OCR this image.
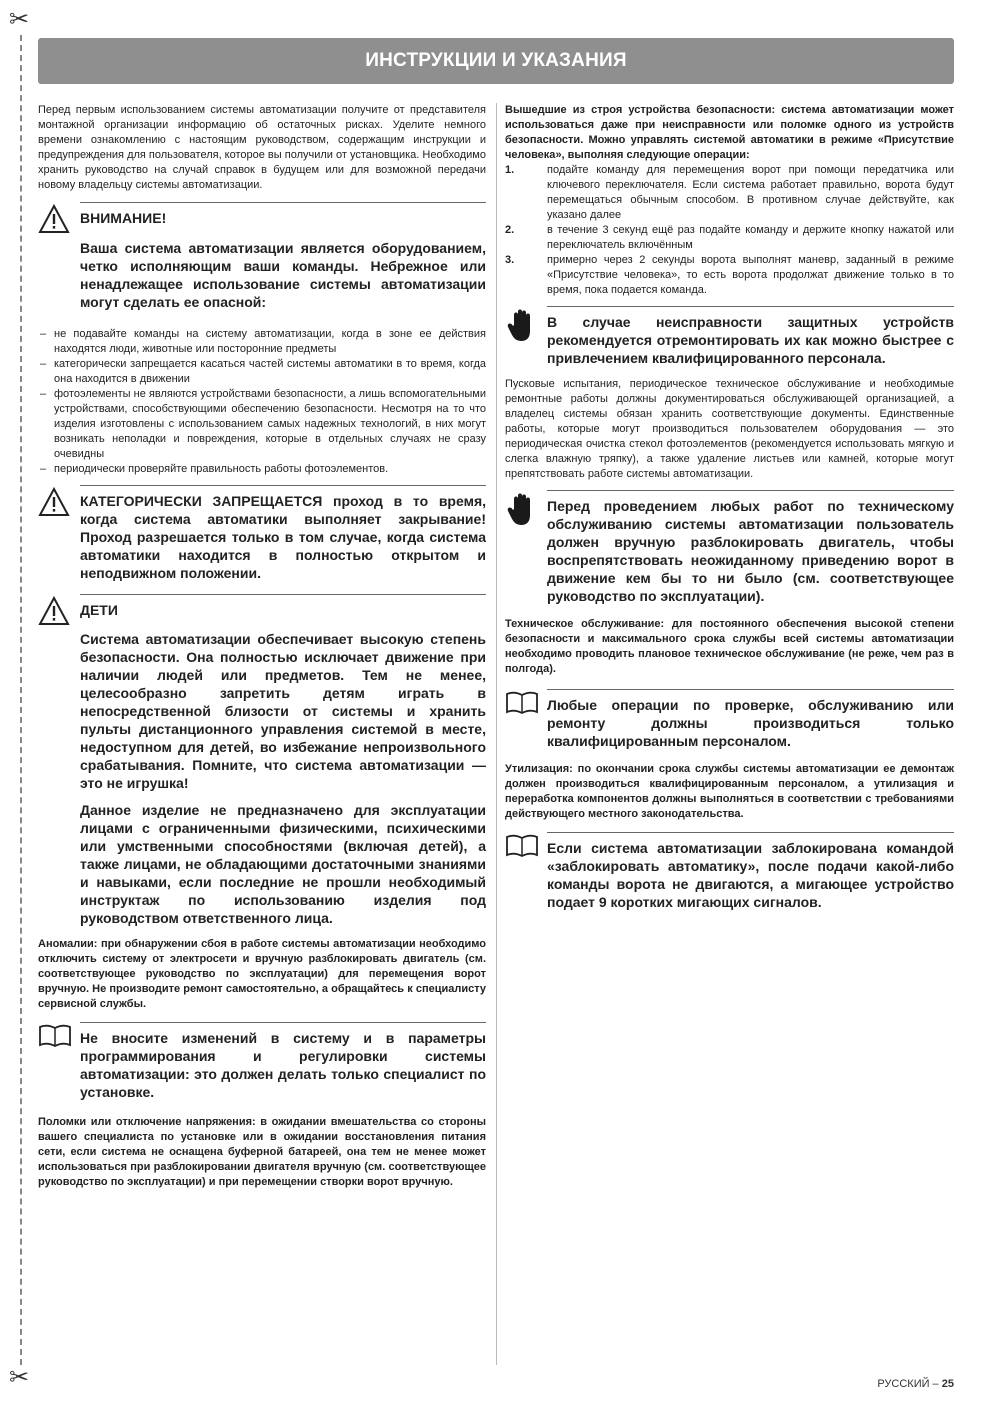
✂
✂
ИНСТРУКЦИИ И УКАЗАНИЯ

Перед первым использованием системы автоматизации получите от представителя монтажной организации информацию об остаточных рисках. Уделите немного времени ознакомлению с настоящим руководством, содержащим инструкции и предупреждения для пользователя, которое вы получили от установщика. Необходимо хранить руководство на случай справок в будущем или для возможной передачи новому владельцу системы автоматизации.

ВНИМАНИЕ!

Ваша система автоматизации является оборудованием, четко исполняющим ваши команды. Небрежное или ненадлежащее использование системы автоматизации могут сделать ее опасной:

– не подавайте команды на систему автоматизации, когда в зоне ее действия находятся люди, животные или посторонние предметы
– категорически запрещается касаться частей системы автоматики в то время, когда она находится в движении
– фотоэлементы не являются устройствами безопасности, а лишь вспомогательными устройствами, способствующими обеспечению безопасности. Несмотря на то что изделия изготовлены с использованием самых надежных технологий, в них могут возникать неполадки и повреждения, которые в отдельных случаях не сразу очевидны
– периодически проверяйте правильность работы фотоэлементов.

КАТЕГОРИЧЕСКИ ЗАПРЕЩАЕТСЯ проход в то время, когда система автоматики выполняет закрывание! Проход разрешается только в том случае, когда система автоматики находится в полностью открытом и неподвижном положении.

ДЕТИ

Система автоматизации обеспечивает высокую степень безопасности. Она полностью исключает движение при наличии людей или предметов. Тем не менее, целесообразно запретить детям играть в непосредственной близости от системы и хранить пульты дистанционного управления системой в месте, недоступном для детей, во избежание непроизвольного срабатывания. Помните, что система автоматизации — это не игрушка!

Данное изделие не предназначено для эксплуатации лицами с ограниченными физическими, психическими или умственными способностями (включая детей), а также лицами, не обладающими достаточными знаниями и навыками, если последние не прошли необходимый инструктаж по использованию изделия под руководством ответственного лица.

Аномалии: при обнаружении сбоя в работе системы автоматизации необходимо отключить систему от электросети и вручную разблокировать двигатель (см. соответствующее руководство по эксплуатации) для перемещения ворот вручную. Не производите ремонт самостоятельно, а обращайтесь к специалисту сервисной службы.

Не вносите изменений в систему и в параметры программирования и регулировки системы автоматизации: это должен делать только специалист по установке.

Поломки или отключение напряжения: в ожидании вмешательства со стороны вашего специалиста по установке или в ожидании восстановления питания сети, если система не оснащена буферной батареей, она тем не менее может использоваться при разблокировании двигателя вручную (см. соответствующее руководство по эксплуатации) и при перемещении створки ворот вручную.

Вышедшие из строя устройства безопасности: система автоматизации может использоваться даже при неисправности или поломке одного из устройств безопасности. Можно управлять системой автоматики в режиме «Присутствие человека», выполняя следующие операции:

1.	подайте команду для перемещения ворот при помощи передатчика или ключевого переключателя. Если система работает правильно, ворота будут перемещаться обычным способом. В противном случае действуйте, как указано далее
2.	в течение 3 секунд ещё раз подайте команду и держите кнопку нажатой или переключатель включённым
3.	примерно через 2 секунды ворота выполнят маневр, заданный в режиме «Присутствие человека», то есть ворота продолжат движение только в то время, пока подается команда.

В случае неисправности защитных устройств рекомендуется отремонтировать их как можно быстрее с привлечением квалифицированного персонала.

Пусковые испытания, периодическое техническое обслуживание и необходимые ремонтные работы должны документироваться обслуживающей организацией, а владелец системы обязан хранить соответствующие документы. Единственные работы, которые могут производиться пользователем оборудования — это периодическая очистка стекол фотоэлементов (рекомендуется использовать мягкую и слегка влажную тряпку), а также удаление листьев или камней, которые могут препятствовать работе системы автоматизации.

Перед проведением любых работ по техническому обслуживанию системы автоматизации пользователь должен вручную разблокировать двигатель, чтобы воспрепятствовать неожиданному приведению ворот в движение кем бы то ни было (см. соответствующее руководство по эксплуатации).

Техническое обслуживание: для постоянного обеспечения высокой степени безопасности и максимального срока службы всей системы автоматизации необходимо проводить плановое техническое обслуживание (не реже, чем раз в полгода).

Любые операции по проверке, обслуживанию или ремонту должны производиться только квалифицированным персоналом.

Утилизация: по окончании срока службы системы автоматизации ее демонтаж должен производиться квалифицированным персоналом, а утилизация и переработка компонентов должны выполняться в соответствии с требованиями действующего местного законодательства.

Если система автоматизации заблокирована командой «заблокировать автоматику», после подачи какой-либо команды ворота не двигаются, а мигающее устройство подает 9 коротких мигающих сигналов.

РУССКИЙ – 25
